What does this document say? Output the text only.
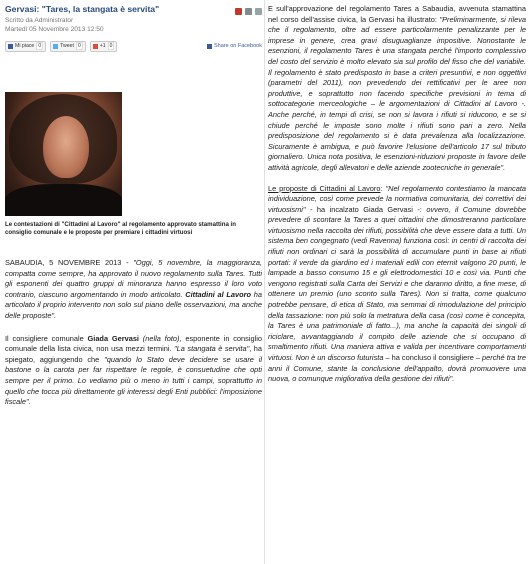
Gervasi: "Tares, la stangata è servita"
Scritto da Administrator
Martedì 05 Novembre 2013 12:50
Mi piace 0	Tweet 0	+1 0	Share on Facebook
Le contestazioni di "Cittadini al Lavoro" al regolamento approvato stamattina in consiglio comunale e le proposte per premiare i cittadini virtuosi

SABAUDIA, 5 NOVEMBRE 2013 - "Oggi, 5 novembre, la maggioranza, compatta come sempre, ha approvato il nuovo regolamento sulla Tares. Tutti gli esponenti dei quattro gruppi di minoranza hanno espresso il loro voto contrario, ciascuno argomentando in modo articolato. Cittadini al Lavoro ha articolato il proprio intervento non solo sul piano delle osservazioni, ma anche delle proposte".

Il consigliere comunale Giada Gervasi (nella foto), esponente in consiglio comunale della lista civica, non usa mezzi termini. "La stangata è servita", ha spiegato, aggiungendo che "quando lo Stato deve decidere se usare il bastone o la carota per far rispettare le regole, è consuetudine che opti sempre per il primo. Lo vediamo più o meno in tutti i campi, soprattutto in quello che tocca più direttamente gli interessi degli Enti pubblici: l'imposizione fiscale".

E sull'approvazione del regolamento Tares a Sabaudia, avvenuta stamattina nel corso dell'assise civica, la Gervasi ha illustrato: "Preliminarmente, si rileva che il regolamento, oltre ad essere particolarmente penalizzante per le imprese in genere, crea gravi disuguaglianze impositive. Nonostante le esenzioni, il regolamento Tares è una stangata perché l'importo complessivo del costo del servizio è molto elevato sia sul profilo del fisso che del variabile. Il regolamento è stato predisposto in base a criteri presuntivi, e non oggettivi (parametri del 2011), non prevedendo dei rettificativi per le aree non produttive, e soprattutto non facendo specifiche previsioni in tema di sottocategorie merceologiche – le argomentazioni di Cittadini al Lavoro -. Anche perché, in tempi di crisi, se non si lavora i rifiuti si riducono, e se si chiude perché le imposte sono molte i rifiuti sono pari a zero. Nella predisposizione del regolamento si è data prevalenza alla localizzazione. Sicuramente è ambigua, e può favorire l'elusione dell'articolo 17 sul tributo giornaliero. Unica nota positiva, le esenzioni-riduzioni proposte in favore delle attività agricole, degli allevatori e delle aziende zootecniche in generale".

Le proposte di Cittadini al Lavoro: "Nel regolamento contestiamo la mancata individuazione, così come prevede la normativa comunitaria, dei correttivi dei virtuosismi" - ha incalzato Giada Gervasi -: ovvero, il Comune dovrebbe prevedere di scontare la Tares a quei cittadini che dimostreranno particolare virtuosismo nella raccolta dei rifiuti, possibilità che deve essere data a tutti. Un sistema ben congegnato (vedi Ravenna) funziona così: in centri di raccolta dei rifiuti non ordinari ci sarà la possibilità di accumulare punti in base ai rifiuti portati: il verde da giardino ed i materiali edili con eternit valgono 20 punti, le lampade a basso consumo 15 e gli elettrodomestici 10 e così via. Punti che vengono registrati sulla Carta dei Servizi e che daranno diritto, a fine mese, di ottenere un premio (uno sconto sulla Tares). Non si tratta, come qualcuno potrebbe pensare, di etica di Stato, ma semmai di rimodulazione del principio della tassazione: non più solo la metratura della casa (così come è concepita, la Tares è una patrimoniale di fatto...), ma anche la capacità dei singoli di riciclare, avvantaggiando il compito delle aziende che si occupano di smaltimento rifiuti. Una maniera attiva e valida per incentivare comportamenti virtuosi. Non è un discorso futurista – ha concluso il consigliere – perché tra tre anni il Comune, stante la conclusione dell'appalto, dovrà promuovere una nuova, o comunque migliorativa della gestione dei rifiuti".
